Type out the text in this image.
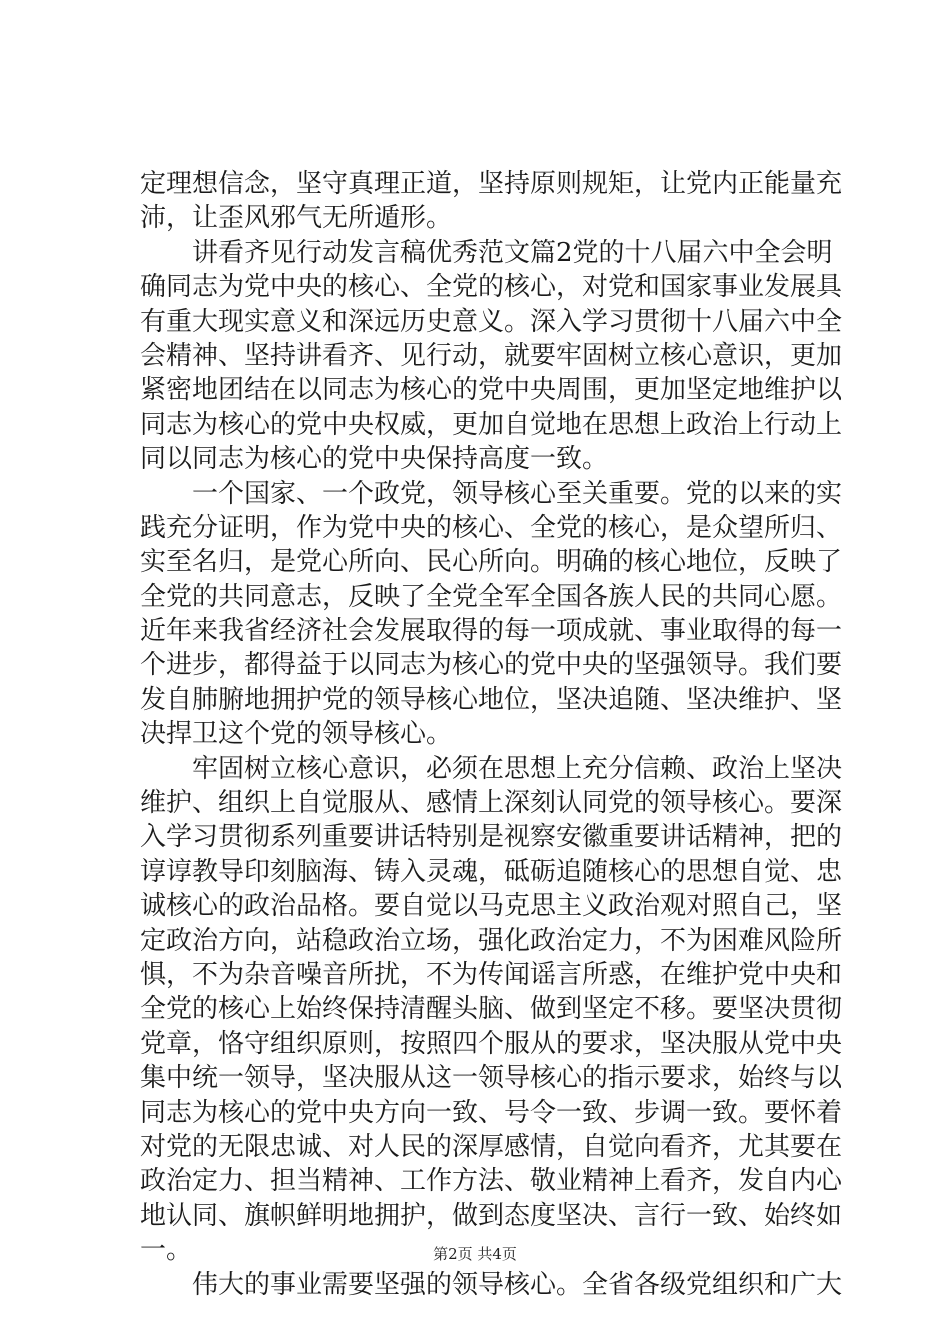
定理想信念，坚守真理正道，坚持原则规矩，让党内正能量充
沛，让歪风邪气无所遁形。
讲看齐见行动发言稿优秀范文篇2党的十八届六中全会明
确同志为党中央的核心、全党的核心，对党和国家事业发展具
有重大现实意义和深远历史意义。深入学习贯彻十八届六中全
会精神、坚持讲看齐、见行动，就要牢固树立核心意识，更加
紧密地团结在以同志为核心的党中央周围，更加坚定地维护以
同志为核心的党中央权威，更加自觉地在思想上政治上行动上
同以同志为核心的党中央保持高度一致。
一个国家、一个政党，领导核心至关重要。党的以来的实
践充分证明，作为党中央的核心、全党的核心，是众望所归、
实至名归，是党心所向、民心所向。明确的核心地位，反映了
全党的共同意志，反映了全党全军全国各族人民的共同心愿。
近年来我省经济社会发展取得的每一项成就、事业取得的每一
个进步，都得益于以同志为核心的党中央的坚强领导。我们要
发自肺腑地拥护党的领导核心地位，坚决追随、坚决维护、坚
决捍卫这个党的领导核心。
牢固树立核心意识，必须在思想上充分信赖、政治上坚决
维护、组织上自觉服从、感情上深刻认同党的领导核心。要深
入学习贯彻系列重要讲话特别是视察安徽重要讲话精神，把的
谆谆教导印刻脑海、铸入灵魂，砥砺追随核心的思想自觉、忠
诚核心的政治品格。要自觉以马克思主义政治观对照自己，坚
定政治方向，站稳政治立场，强化政治定力，不为困难风险所
惧，不为杂音噪音所扰，不为传闻谣言所惑，在维护党中央和
全党的核心上始终保持清醒头脑、做到坚定不移。要坚决贯彻
党章，恪守组织原则，按照四个服从的要求，坚决服从党中央
集中统一领导，坚决服从这一领导核心的指示要求，始终与以
同志为核心的党中央方向一致、号令一致、步调一致。要怀着
对党的无限忠诚、对人民的深厚感情，自觉向看齐，尤其要在
政治定力、担当精神、工作方法、敬业精神上看齐，发自内心
地认同、旗帜鲜明地拥护，做到态度坚决、言行一致、始终如
一。
伟大的事业需要坚强的领导核心。全省各级党组织和广大
第2页 共4页
